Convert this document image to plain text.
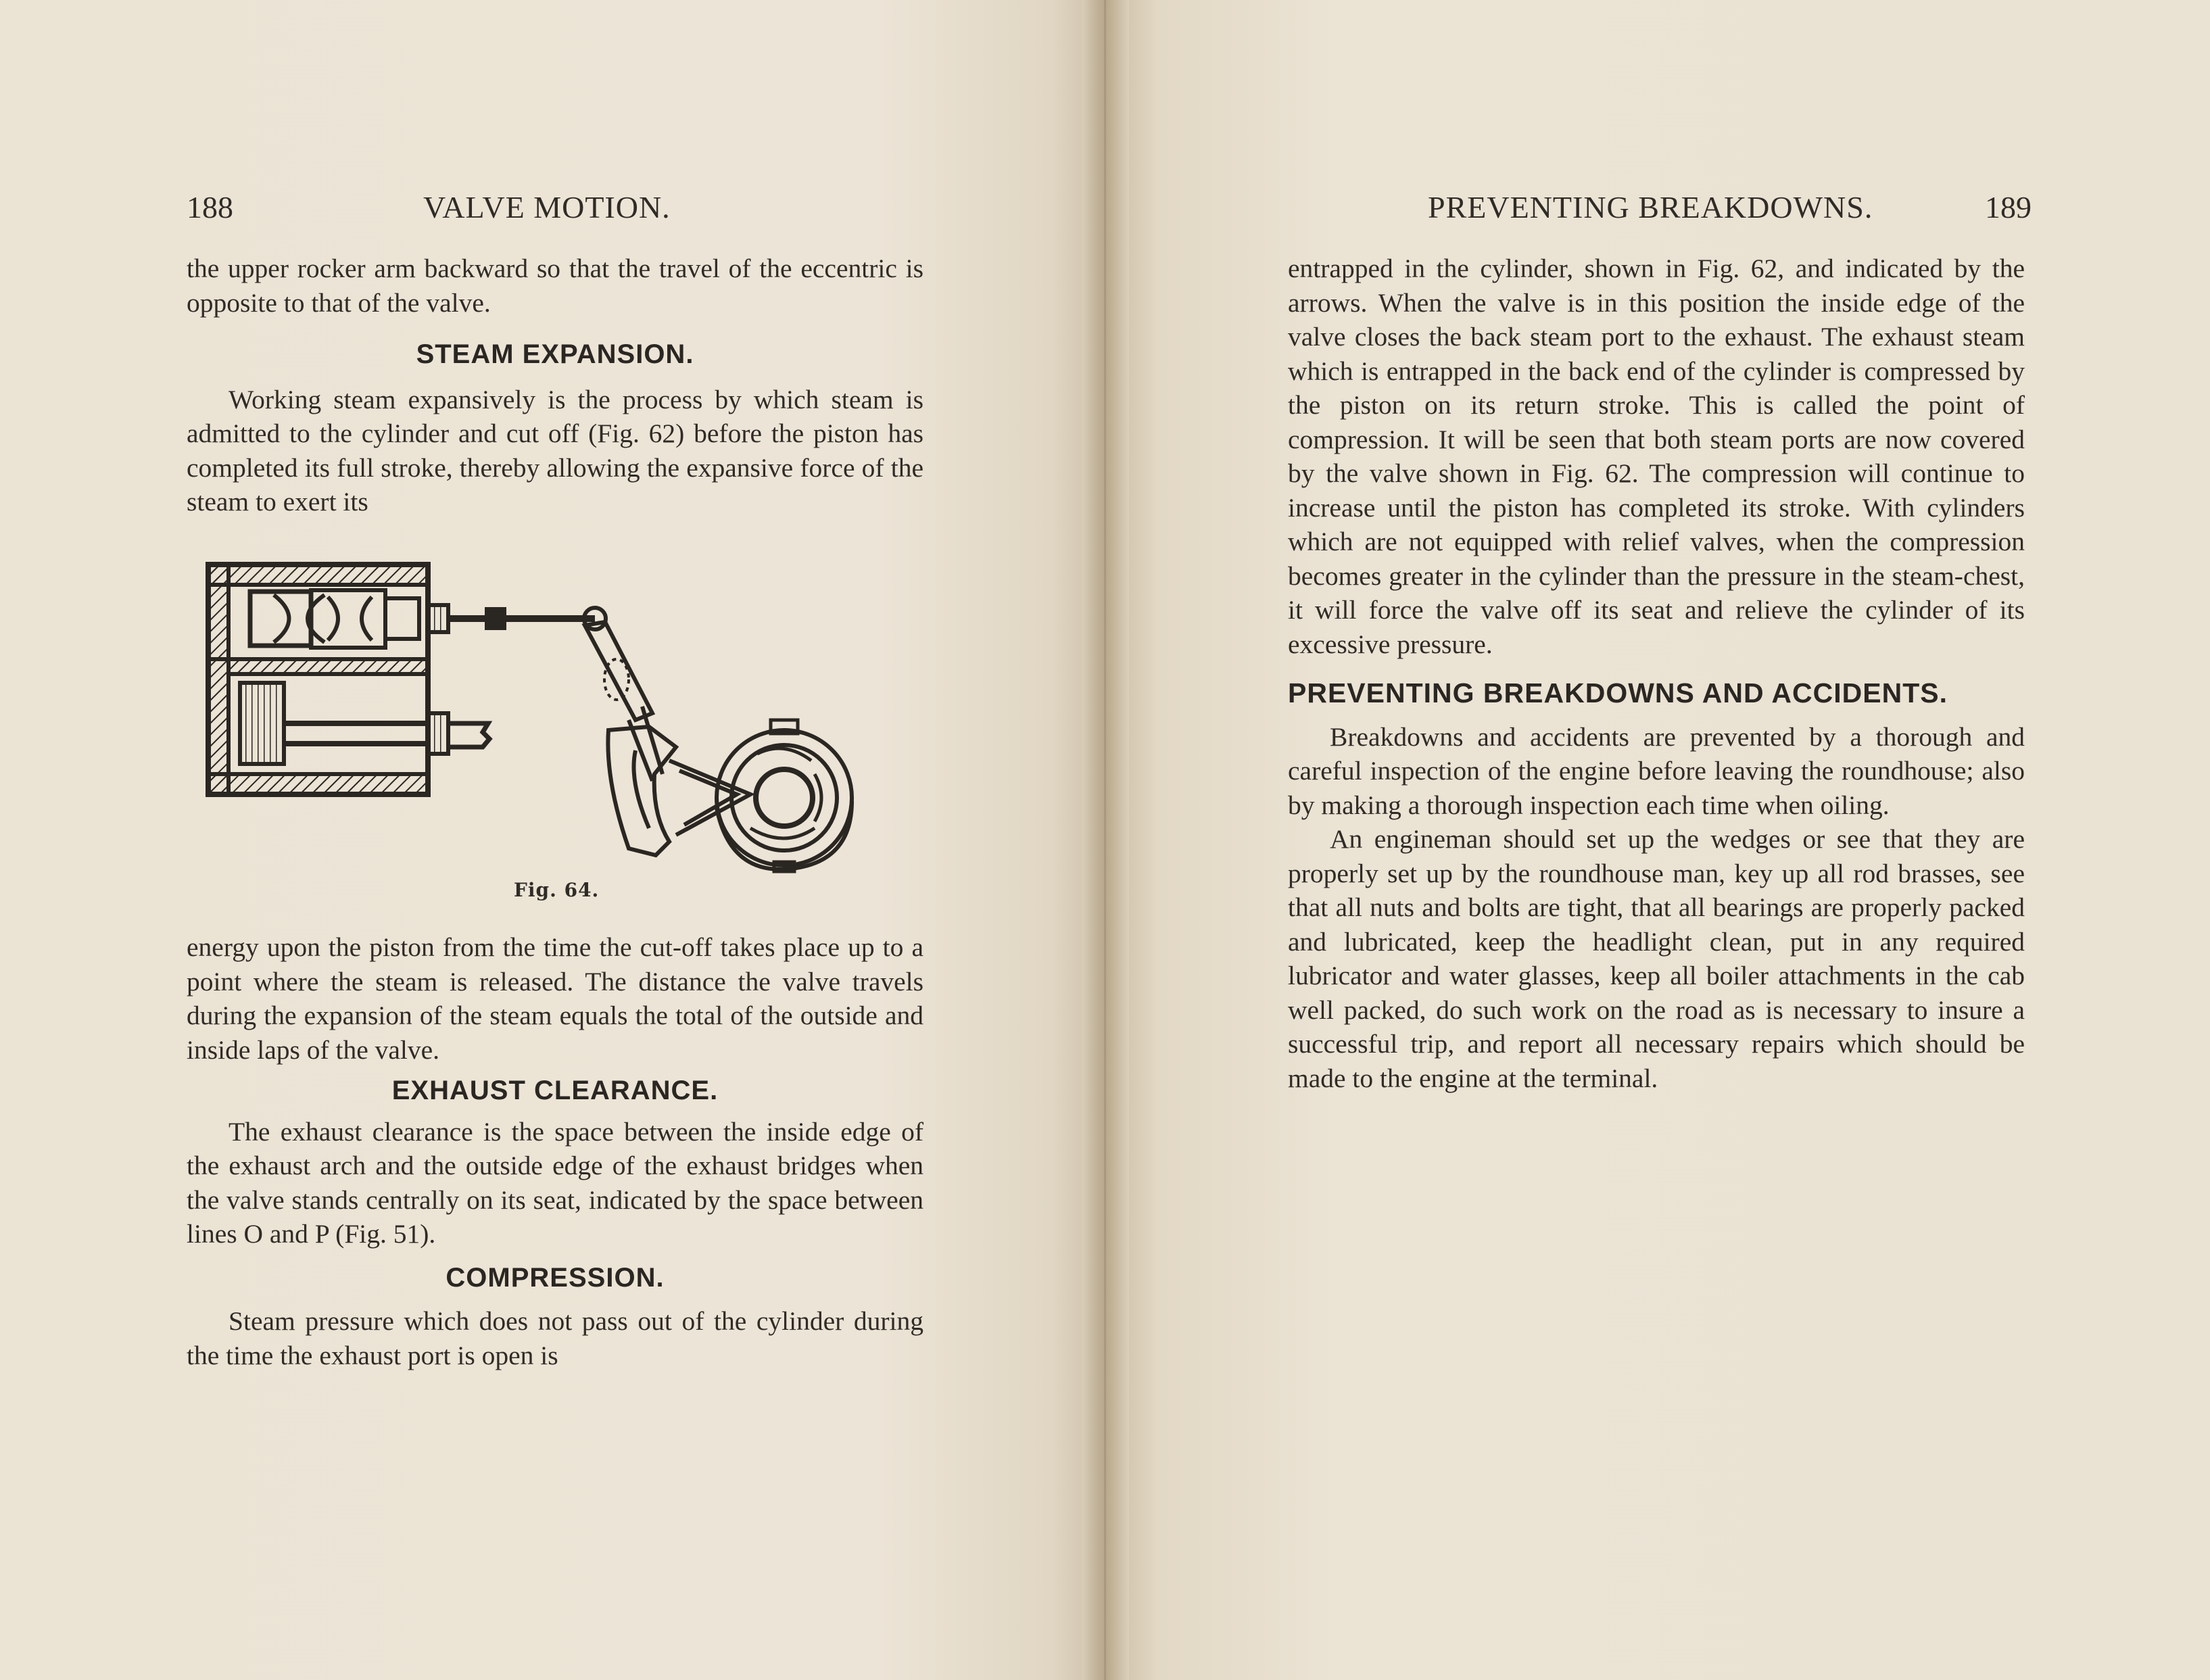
188	VALVE MOTION.

the upper rocker arm backward so that the travel of the eccentric is opposite to that of the valve.

STEAM EXPANSION.

Working steam expansively is the process by which steam is admitted to the cylinder and cut off (Fig. 62) before the piston has completed its full stroke, thereby allowing the expansive force of the steam to exert its

Fig. 64.

energy upon the piston from the time the cut-off takes place up to a point where the steam is released. The distance the valve travels during the expansion of the steam equals the total of the outside and inside laps of the valve.

EXHAUST CLEARANCE.

The exhaust clearance is the space between the inside edge of the exhaust arch and the outside edge of the exhaust bridges when the valve stands centrally on its seat, indicated by the space between lines O and P (Fig. 51).

COMPRESSION.

Steam pressure which does not pass out of the cylinder during the time the exhaust port is open is

PREVENTING BREAKDOWNS.	189

entrapped in the cylinder, shown in Fig. 62, and indicated by the arrows. When the valve is in this position the inside edge of the valve closes the back steam port to the exhaust. The exhaust steam which is entrapped in the back end of the cylinder is compressed by the piston on its return stroke. This is called the point of compression. It will be seen that both steam ports are now covered by the valve shown in Fig. 62. The compression will continue to increase until the piston has completed its stroke. With cylinders which are not equipped with relief valves, when the compression becomes greater in the cylinder than the pressure in the steam-chest, it will force the valve off its seat and relieve the cylinder of its excessive pressure.

PREVENTING BREAKDOWNS AND ACCIDENTS.

Breakdowns and accidents are prevented by a thorough and careful inspection of the engine before leaving the roundhouse; also by making a thorough inspection each time when oiling.

An engineman should set up the wedges or see that they are properly set up by the roundhouse man, key up all rod brasses, see that all nuts and bolts are tight, that all bearings are properly packed and lubricated, keep the headlight clean, put in any required lubricator and water glasses, keep all boiler attachments in the cab well packed, do such work on the road as is necessary to insure a successful trip, and report all necessary repairs which should be made to the engine at the terminal.
